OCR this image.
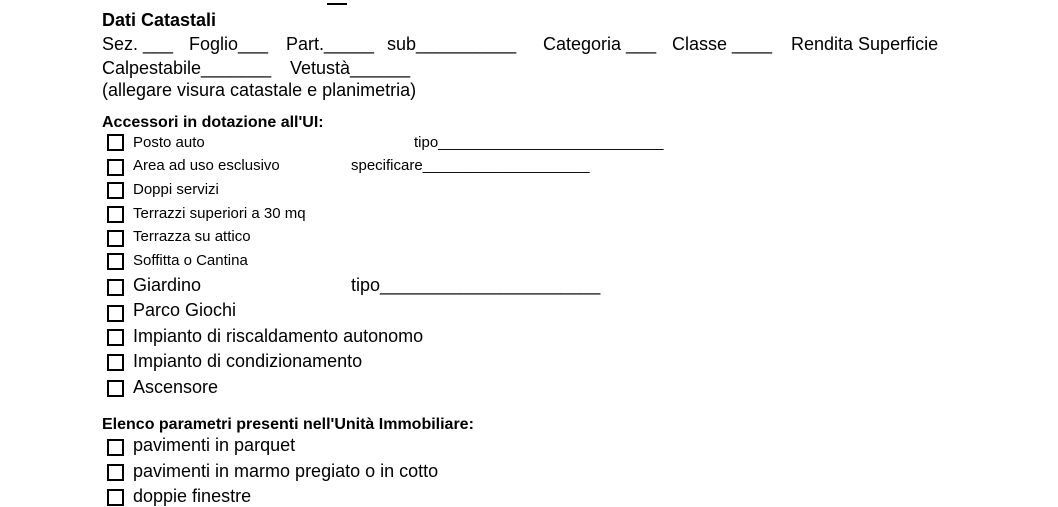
Dati Catastali
Sez. ___ Foglio___ Part._____ sub__________ Categoria ___ Classe ____ Rendita Superficie
Calpestabile_______ Vetustà______
(allegare visura catastale e planimetria)
Accessori in dotazione all'UI:
Posto auto	tipo___________________________
Area ad uso esclusivo	specificare____________________
Doppi servizi
Terrazzi superiori a 30 mq
Terrazza su attico
Soffitta o Cantina
Giardino	tipo______________________
Parco Giochi
Impianto di riscaldamento autonomo
Impianto di condizionamento
Ascensore
Elenco parametri presenti nell'Unità Immobiliare:
pavimenti in parquet
pavimenti in marmo pregiato o in cotto
doppie finestre
